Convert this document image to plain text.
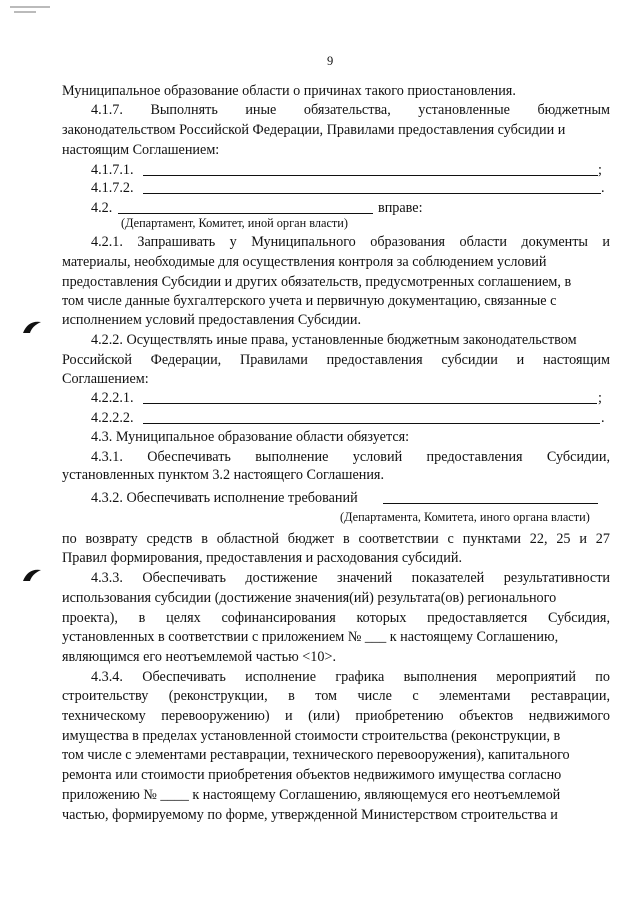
9
Муниципальное образование области о причинах такого приостановления.
4.1.7. Выполнять иные обязательства, установленные бюджетным
законодательством Российской Федерации, Правилами предоставления субсидии и
настоящим Соглашением:
4.1.7.1.	;
4.1.7.2.	.
4.2.	вправе:
(Департамент, Комитет, иной орган власти)
4.2.1. Запрашивать у Муниципального образования области документы и
материалы, необходимые для осуществления контроля за соблюдением условий
предоставления Субсидии и других обязательств, предусмотренных соглашением, в
том числе данные бухгалтерского учета и первичную документацию, связанные с
исполнением условий предоставления Субсидии.
4.2.2. Осуществлять иные права, установленные бюджетным законодательством
Российской Федерации, Правилами предоставления субсидии и настоящим
Соглашением:
4.2.2.1.	;
4.2.2.2.	.
4.3. Муниципальное образование области обязуется:
4.3.1. Обеспечивать выполнение условий предоставления Субсидии,
установленных пунктом 3.2 настоящего Соглашения.
4.3.2. Обеспечивать исполнение требований
(Департамента, Комитета, иного органа власти)
по возврату средств в областной бюджет в соответствии с пунктами 22, 25 и 27
Правил формирования, предоставления и расходования субсидий.
4.3.3. Обеспечивать достижение значений показателей результативности
использования субсидии (достижение значения(ий) результата(ов) регионального
проекта), в целях софинансирования которых предоставляется Субсидия,
установленных в соответствии с приложением № ___ к настоящему Соглашению,
являющимся его неотъемлемой частью <10>.
4.3.4. Обеспечивать исполнение графика выполнения мероприятий по
строительству (реконструкции, в том числе с элементами реставрации,
техническому перевооружению) и (или) приобретению объектов недвижимого
имущества в пределах установленной стоимости строительства (реконструкции, в
том числе с элементами реставрации, технического перевооружения), капитального
ремонта или стоимости приобретения объектов недвижимого имущества согласно
приложению № ____ к настоящему Соглашению, являющемуся его неотъемлемой
частью, формируемому по форме, утвержденной Министерством строительства и
